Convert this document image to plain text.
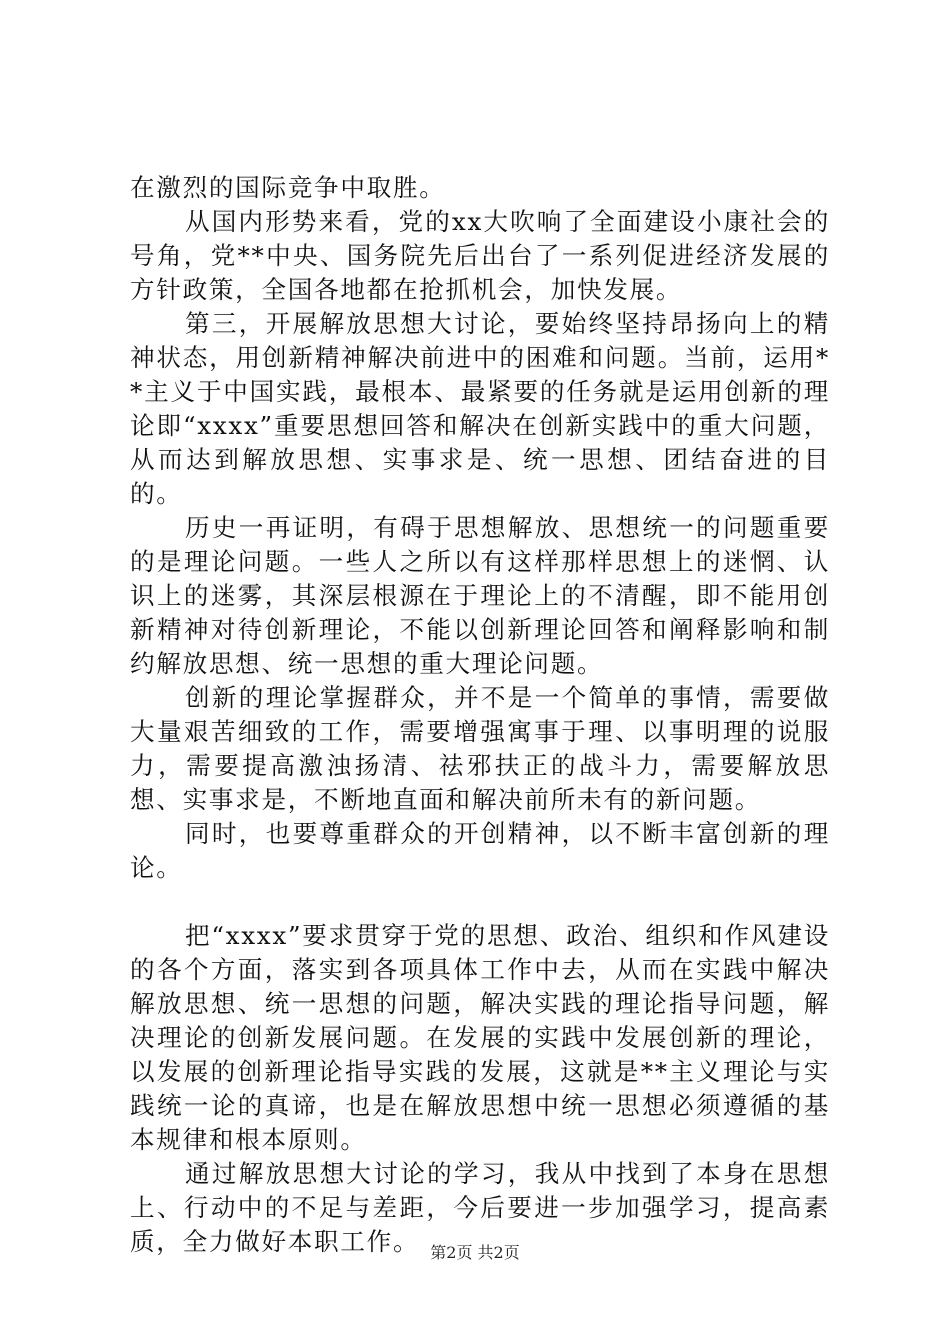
在激烈的国际竞争中取胜。

从国内形势来看，党的xx大吹响了全面建设小康社会的号角，党**中央、国务院先后出台了一系列促进经济发展的方针政策，全国各地都在抢抓机会，加快发展。

第三，开展解放思想大讨论，要始终坚持昂扬向上的精神状态，用创新精神解决前进中的困难和问题。当前，运用**主义于中国实践，最根本、最紧要的任务就是运用创新的理论即“xxxx”重要思想回答和解决在创新实践中的重大问题，从而达到解放思想、实事求是、统一思想、团结奋进的目的。

历史一再证明，有碍于思想解放、思想统一的问题重要的是理论问题。一些人之所以有这样那样思想上的迷惘、认识上的迷雾，其深层根源在于理论上的不清醒，即不能用创新精神对待创新理论，不能以创新理论回答和阐释影响和制约解放思想、统一思想的重大理论问题。

创新的理论掌握群众，并不是一个简单的事情，需要做大量艰苦细致的工作，需要增强寓事于理、以事明理的说服力，需要提高激浊扬清、祛邪扶正的战斗力，需要解放思想、实事求是，不断地直面和解决前所未有的新问题。

同时，也要尊重群众的开创精神，以不断丰富创新的理论。

把“xxxx”要求贯穿于党的思想、政治、组织和作风建设的各个方面，落实到各项具体工作中去，从而在实践中解决解放思想、统一思想的问题，解决实践的理论指导问题，解决理论的创新发展问题。在发展的实践中发展创新的理论，以发展的创新理论指导实践的发展，这就是**主义理论与实践统一论的真谛，也是在解放思想中统一思想必须遵循的基本规律和根本原则。

通过解放思想大讨论的学习，我从中找到了本身在思想上、行动中的不足与差距，今后要进一步加强学习，提高素质，全力做好本职工作。 第2页 共2页
